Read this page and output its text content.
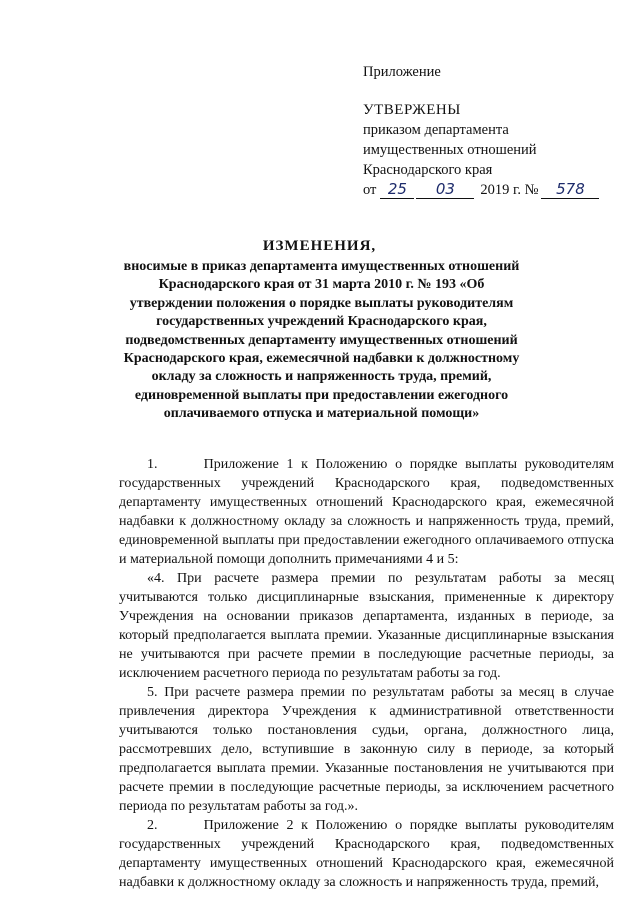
Приложение
УТВЕРЖЕНЫ
приказом департамента
имущественных отношений
Краснодарского края
от 25	03	2019 г. №	578
ИЗМЕНЕНИЯ,
вносимые в приказ департамента имущественных отношений Краснодарского края от 31 марта 2010 г. № 193 «Об утверждении положения о порядке выплаты руководителям государственных учреждений Краснодарского края, подведомственных департаменту имущественных отношений Краснодарского края, ежемесячной надбавки к должностному окладу за сложность и напряженность труда, премий, единовременной выплаты при предоставлении ежегодного оплачиваемого отпуска и материальной помощи»

1.      Приложение 1 к Положению о порядке выплаты руководителям государственных учреждений Краснодарского края, подведомственных департаменту имущественных отношений Краснодарского края, ежемесячной надбавки к должностному окладу за сложность и напряженность труда, премий, единовременной выплаты при предоставлении ежегодного оплачиваемого отпуска и материальной помощи дополнить примечаниями 4 и 5:

«4. При расчете размера премии по результатам работы за месяц учитываются только дисциплинарные взыскания, примененные к директору Учреждения на основании приказов департамента, изданных в периоде, за который предполагается выплата премии. Указанные дисциплинарные взыскания не учитываются при расчете премии в последующие расчетные периоды, за исключением расчетного периода по результатам работы за год.

5. При расчете размера премии по результатам работы за месяц в случае привлечения директора Учреждения к административной ответственности учитываются только постановления судьи, органа, должностного лица, рассмотревших дело, вступившие в законную силу в периоде, за который предполагается выплата премии. Указанные постановления не учитываются при расчете премии в последующие расчетные периоды, за исключением расчетного периода по результатам работы за год.».

2.      Приложение 2 к Положению о порядке выплаты руководителям государственных учреждений Краснодарского края, подведомственных департаменту имущественных отношений Краснодарского края, ежемесячной надбавки к должностному окладу за сложность и напряженность труда, премий,
